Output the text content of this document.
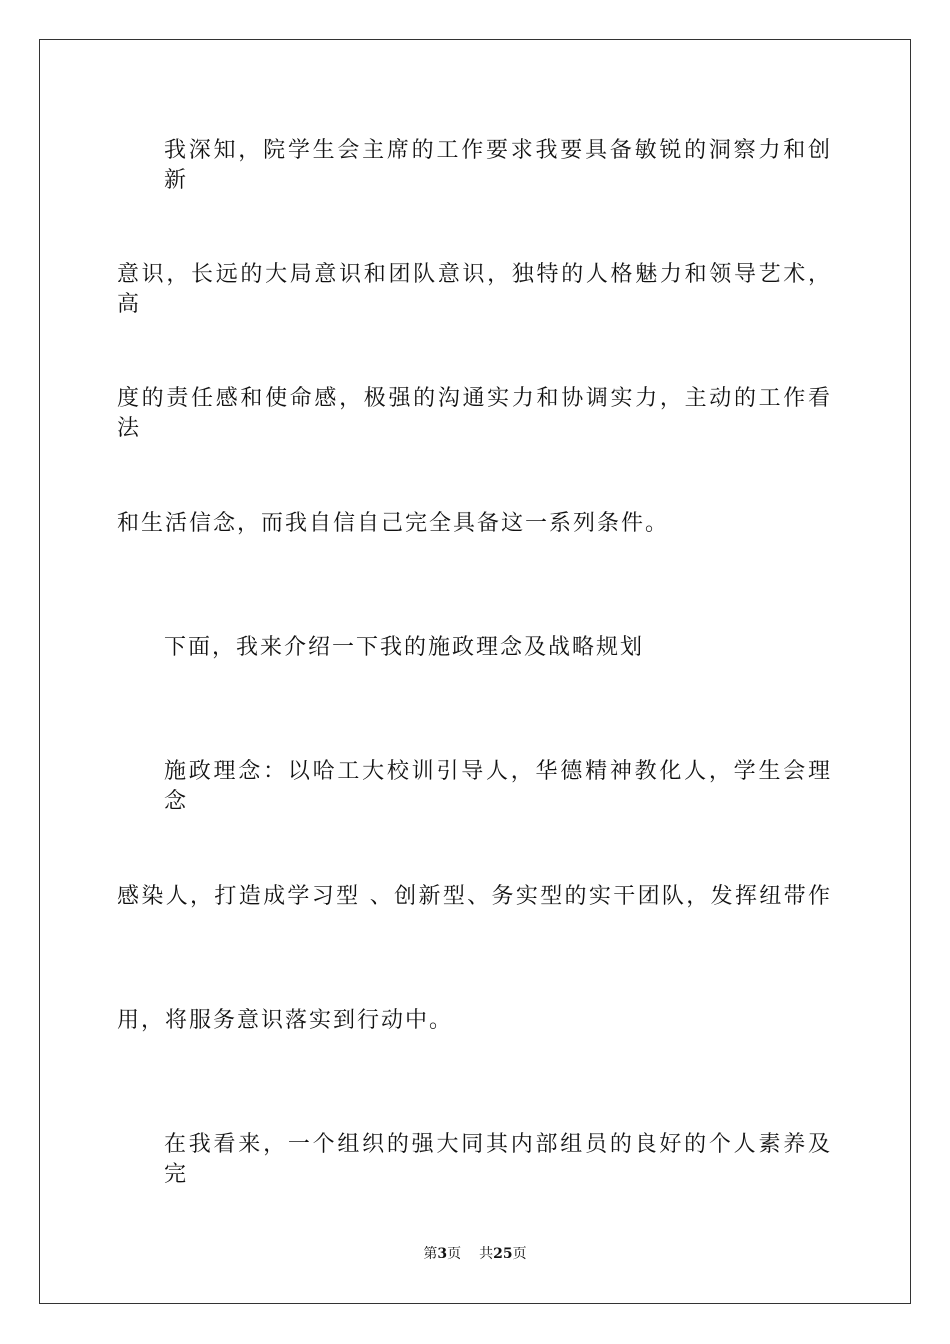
我深知，院学生会主席的工作要求我要具备敏锐的洞察力和创新
意识，长远的大局意识和团队意识，独特的人格魅力和领导艺术，高
度的责任感和使命感，极强的沟通实力和协调实力，主动的工作看法
和生活信念，而我自信自己完全具备这一系列条件。
下面，我来介绍一下我的施政理念及战略规划
施政理念：以哈工大校训引导人，华德精神教化人，学生会理念
感染人，打造成学习型 、创新型、务实型的实干团队，发挥纽带作
用，将服务意识落实到行动中。
在我看来，一个组织的强大同其内部组员的良好的个人素养及完
第3页 共25页
